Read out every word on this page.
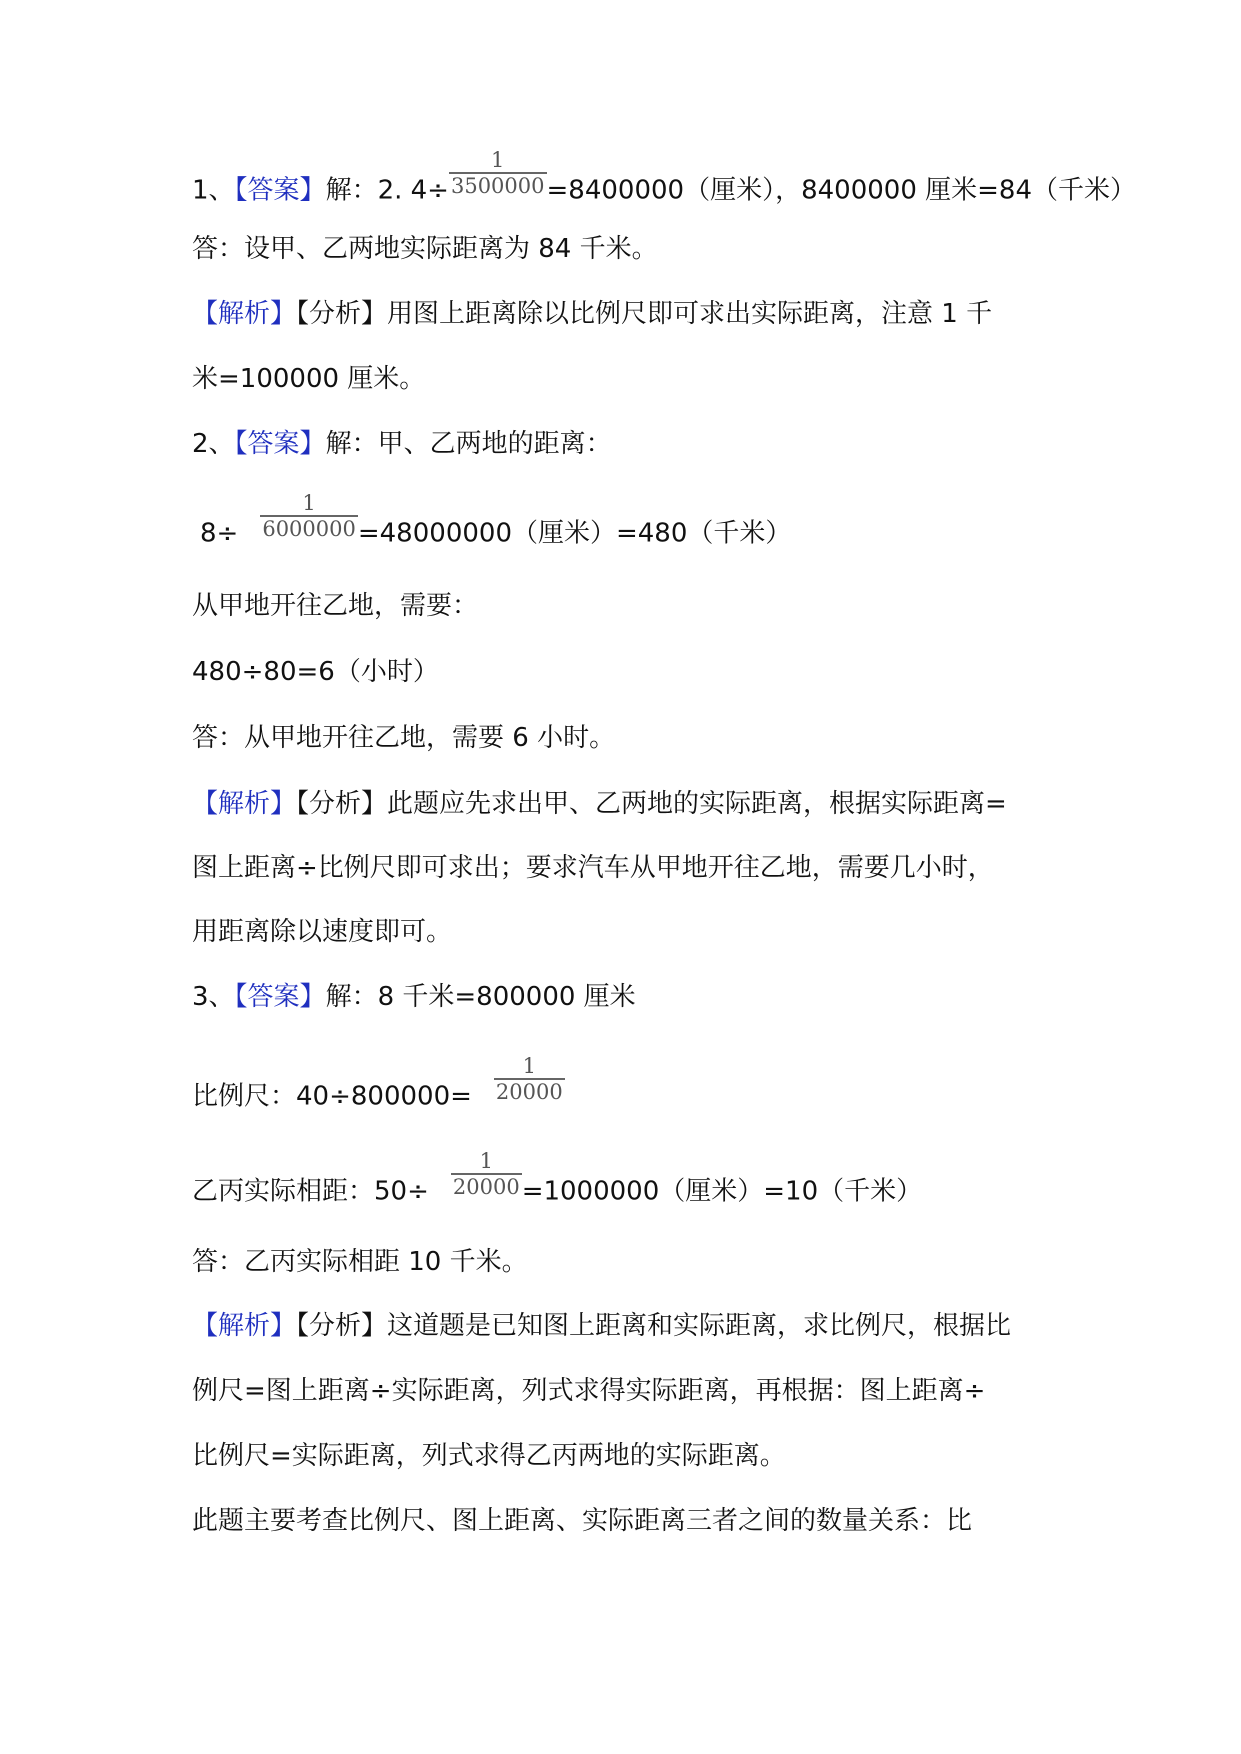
1、【答案】解：2. $4\div \frac{1}{3500000} =8400000$（厘米），8400000 厘米=84（千米）
答：设甲、乙两地实际距离为 84 千米。
【解析】【分析】用图上距离除以比例尺即可求出实际距离，注意 1 千
米=100000 厘米。
2、【答案】解：甲、乙两地的距离：
$8\div \frac{1}{6000000} =48000000$（厘米）=480（千米）
从甲地开往乙地，需要：
480÷80=6（小时）
答：从甲地开往乙地，需要 6 小时。
【解析】【分析】此题应先求出甲、乙两地的实际距离，根据实际距离=
图上距离÷比例尺即可求出；要求汽车从甲地开往乙地，需要几小时，
用距离除以速度即可。
3、【答案】解：8 千米=800000 厘米
比例尺：$40\div 800000= \frac{1}{20000}$
乙丙实际相距：$50\div \frac{1}{20000} =1000000$（厘米）=10（千米）
答：乙丙实际相距 10 千米。
【解析】【分析】这道题是已知图上距离和实际距离，求比例尺，根据比
例尺=图上距离÷实际距离，列式求得实际距离，再根据：图上距离÷
比例尺=实际距离，列式求得乙丙两地的实际距离。
此题主要考查比例尺、图上距离、实际距离三者之间的数量关系：比
